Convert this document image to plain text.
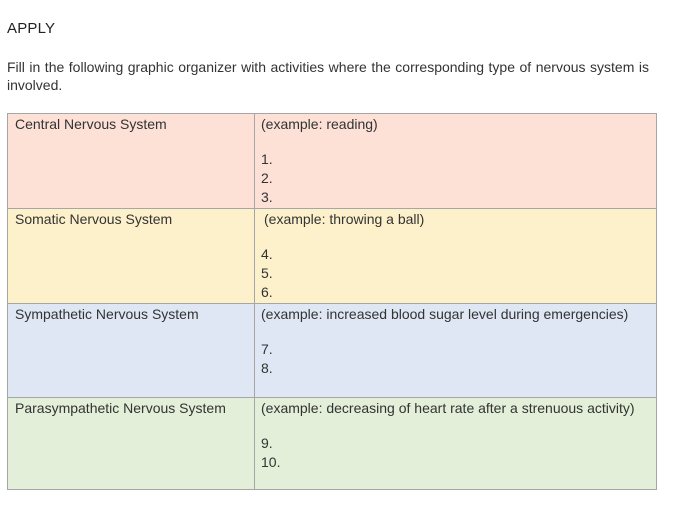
APPLY
Fill in the following graphic organizer with activities where the corresponding type of nervous system is involved.
Central Nervous System	(example: reading)
1.
2.
3.

Somatic Nervous System	(example: throwing a ball)
4.
5.
6.

Sympathetic Nervous System	(example: increased blood sugar level during emergencies)
7.
8.

Parasympathetic Nervous System	(example: decreasing of heart rate after a strenuous activity)
9.
10.
